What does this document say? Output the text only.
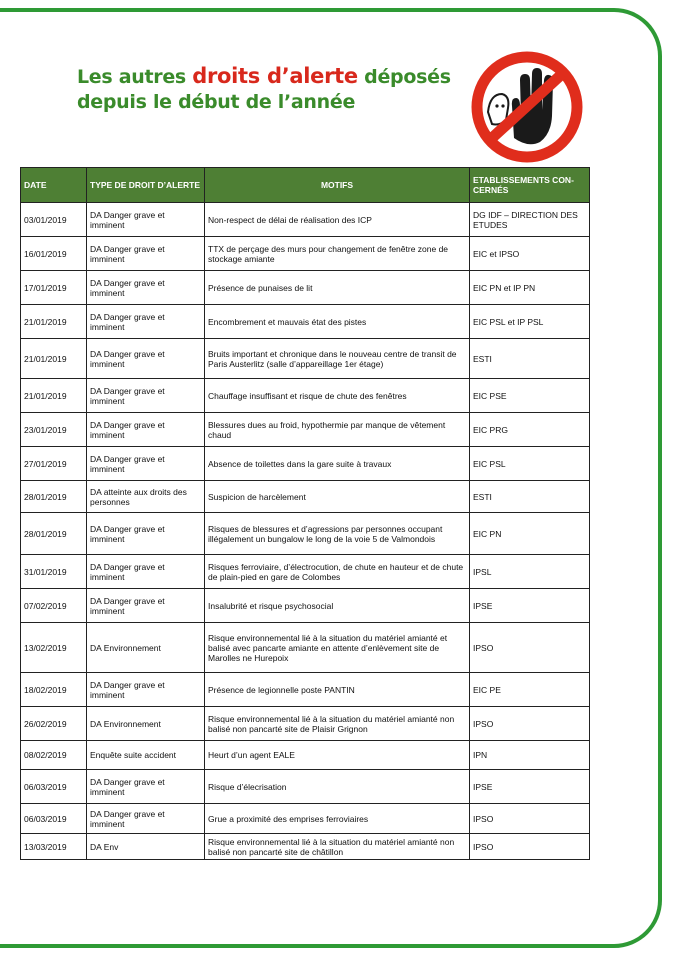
Les autres droits d’alerte déposés
depuis le début de l’année
DATE	TYPE DE DROIT D’ALERTE	MOTIFS	ETABLISSEMENTS CON-CERNÉS
03/01/2019	DA Danger grave et imminent	Non-respect de délai de réalisation des ICP	DG IDF – DIRECTION DES ETUDES
16/01/2019	DA Danger grave et imminent	TTX de perçage des murs pour changement de fenêtre zone de stockage amiante	EIC et IPSO
17/01/2019	DA Danger grave et imminent	Présence de punaises de lit	EIC PN et IP PN
21/01/2019	DA Danger grave et imminent	Encombrement et mauvais état des pistes	EIC PSL et IP PSL
21/01/2019	DA Danger grave et imminent	Bruits important et chronique dans le nouveau centre de transit de Paris Austerlitz (salle d’appareillage 1er étage)	ESTI
21/01/2019	DA Danger grave et imminent	Chauffage insuffisant et risque de chute des fenêtres	EIC PSE
23/01/2019	DA Danger grave et imminent	Blessures dues au froid, hypothermie par manque de vêtement chaud	EIC PRG
27/01/2019	DA Danger grave et imminent	Absence de toilettes dans la gare suite à travaux	EIC PSL
28/01/2019	DA atteinte aux droits des personnes	Suspicion de harcèlement	ESTI
28/01/2019	DA Danger grave et imminent	Risques de blessures et d’agressions par personnes occupant illégalement un bungalow le long de la voie 5 de Valmondois	EIC PN
31/01/2019	DA Danger grave et imminent	Risques ferroviaire, d’électrocution, de chute en hauteur et de chute de plain-pied en gare de Colombes	IPSL
07/02/2019	DA Danger grave et imminent	Insalubrité et risque psychosocial	IPSE
13/02/2019	DA Environnement	Risque environnemental lié à la situation du matériel amianté et balisé avec pancarte amiante en attente d’enlèvement site de Marolles ne Hurepoix	IPSO
18/02/2019	DA Danger grave et imminent	Présence de legionnelle poste PANTIN	EIC PE
26/02/2019	DA Environnement	Risque environnemental lié à la situation du matériel amianté non balisé non pancarté site de Plaisir Grignon	IPSO
08/02/2019	Enquête suite accident	Heurt d’un agent EALE	IPN
06/03/2019	DA Danger grave et imminent	Risque d’élecrisation	IPSE
06/03/2019	DA Danger grave et imminent	Grue a proximité des emprises ferroviaires	IPSO
13/03/2019	DA Env	Risque environnemental lié à la situation du matériel amianté non balisé non pancarté site de châtillon	IPSO
